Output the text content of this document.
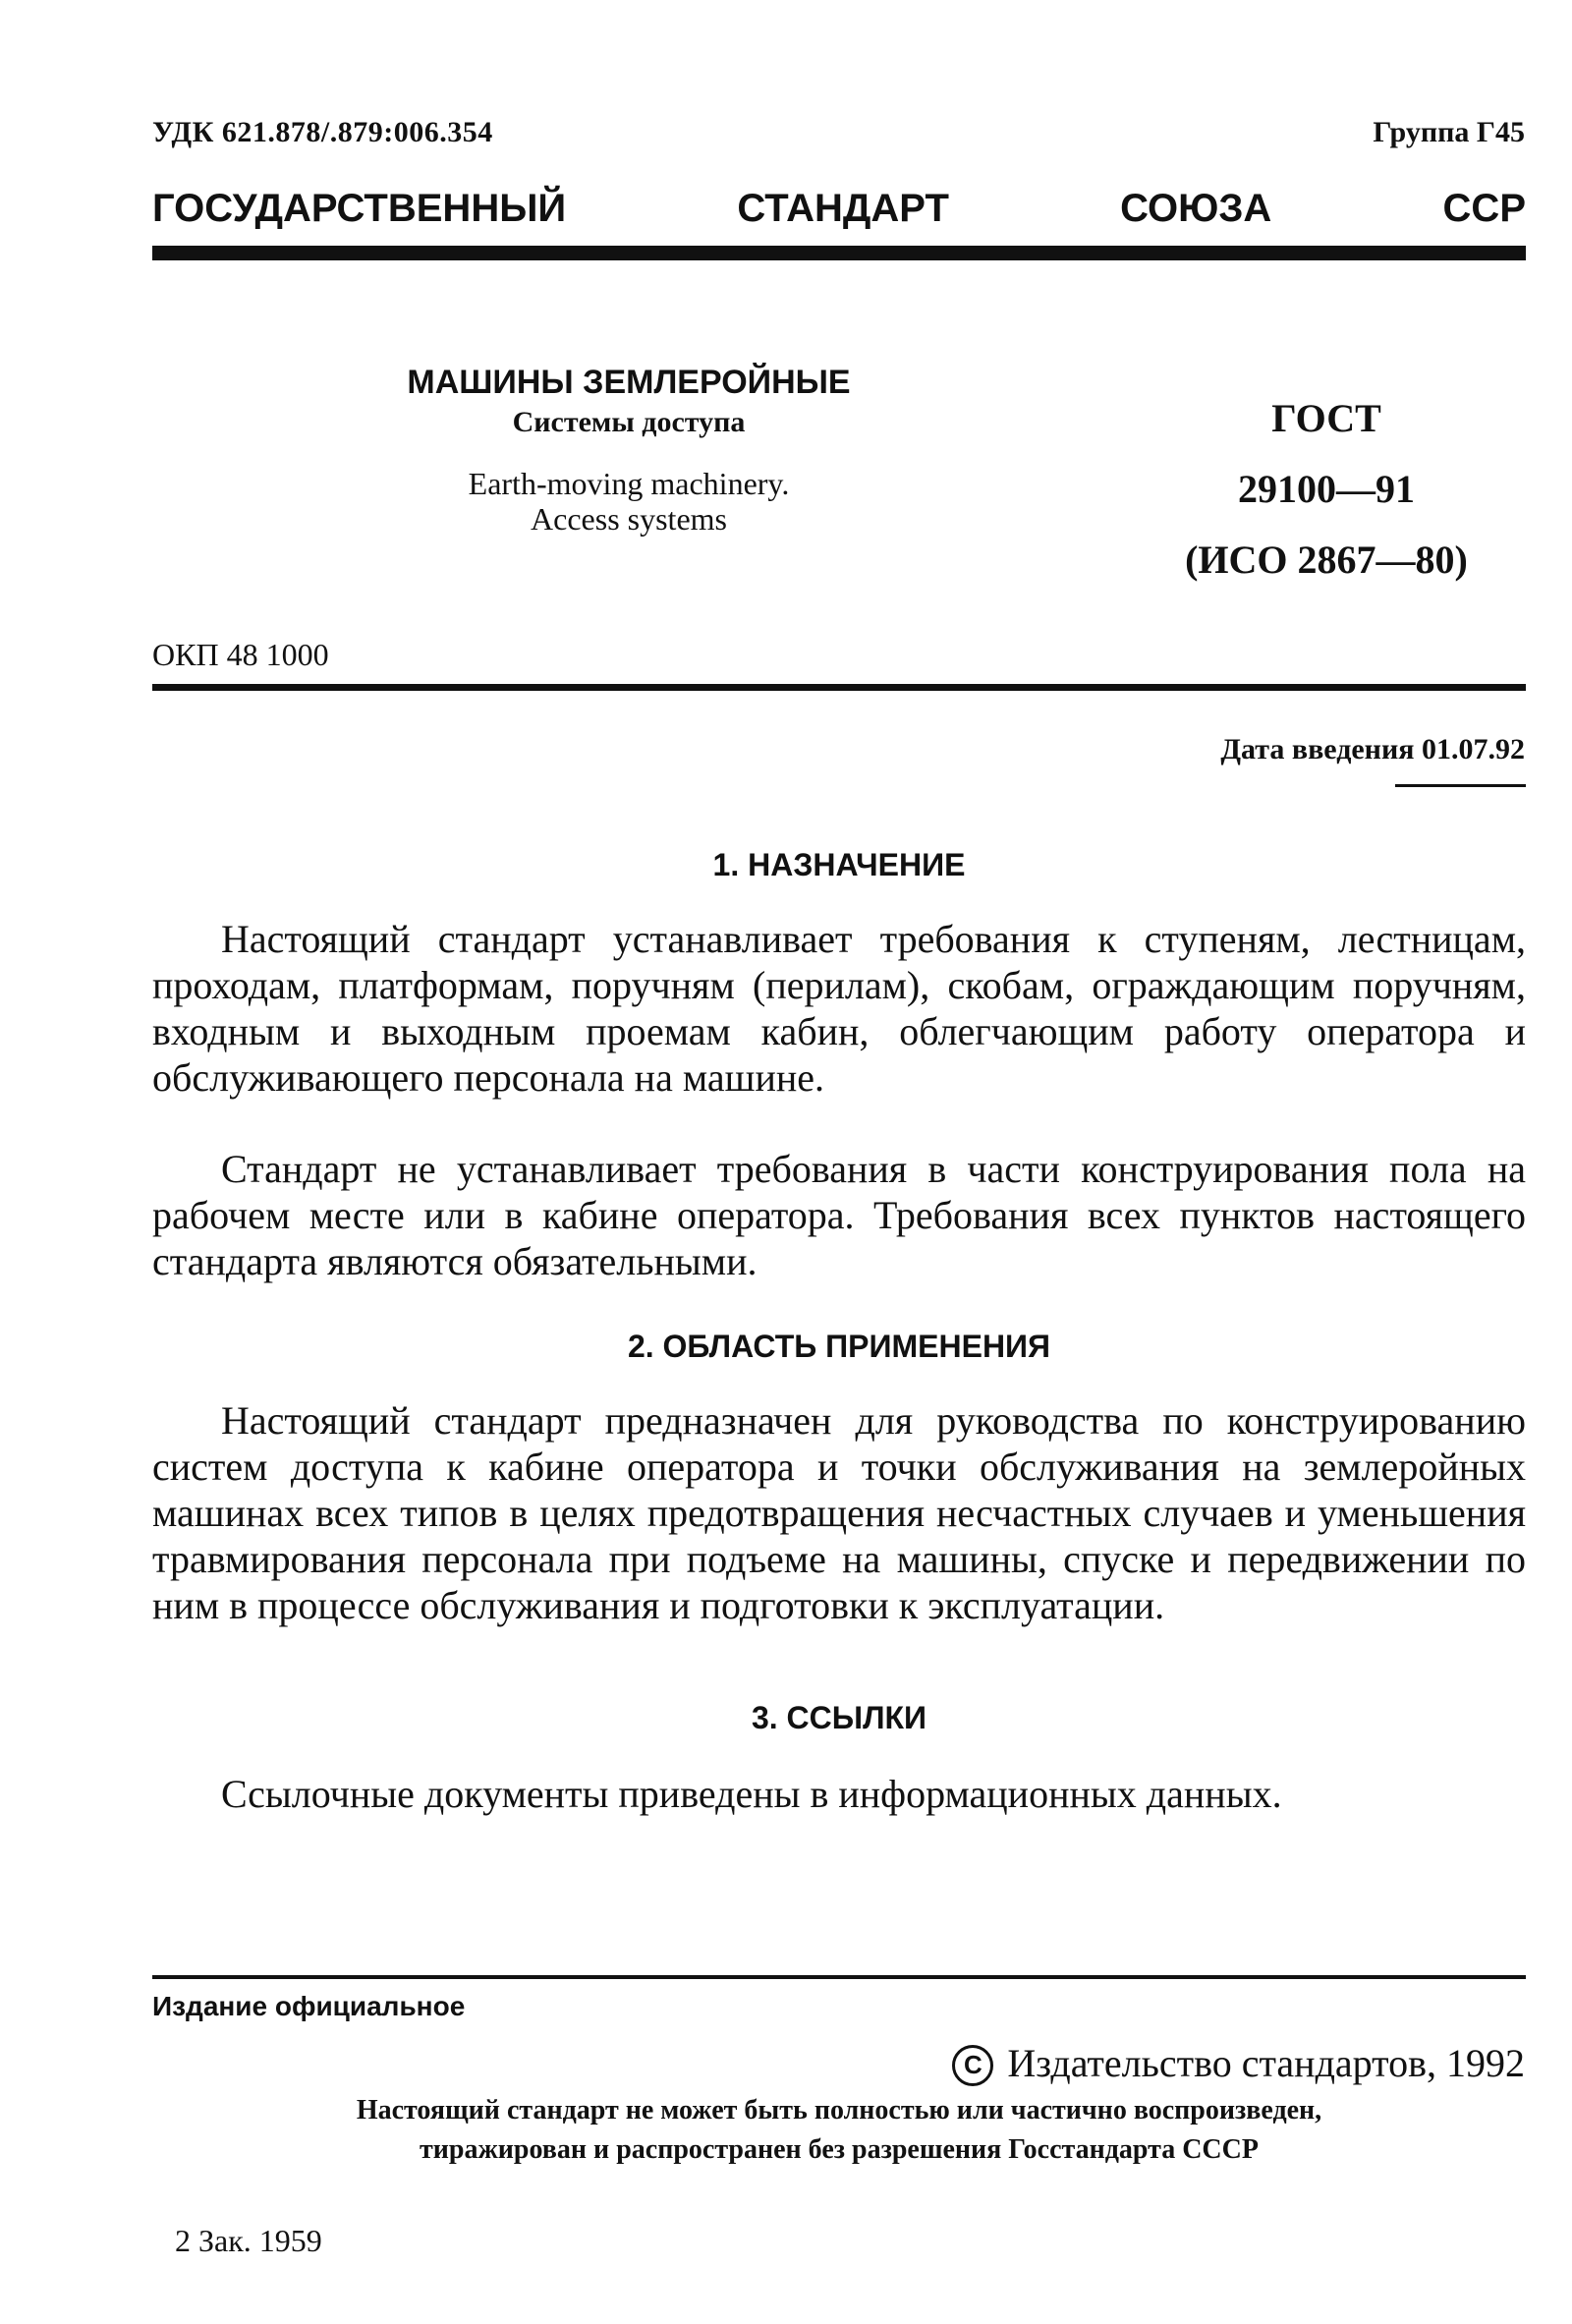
УДК 621.878/.879:006.354	Группа Г45
ГОСУДАРСТВЕННЫЙ СТАНДАРТ СОЮЗА ССР
МАШИНЫ ЗЕМЛЕРОЙНЫЕ
Системы доступа
Earth-moving machinery.
Access systems
ГОСТ
29100—91
(ИСО 2867—80)
ОКП 48 1000
Дата введения 01.07.92
1. НАЗНАЧЕНИЕ
Настоящий стандарт устанавливает требования к ступеням, лестницам, проходам, платформам, поручням (перилам), скобам, ограждающим поручням, входным и выходным проемам кабин, облегчающим работу оператора и обслуживающего персонала на машине.
Стандарт не устанавливает требования в части конструирования пола на рабочем месте или в кабине оператора. Требования всех пунктов настоящего стандарта являются обязательными.
2. ОБЛАСТЬ ПРИМЕНЕНИЯ
Настоящий стандарт предназначен для руководства по конструированию систем доступа к кабине оператора и точки обслуживания на землеройных машинах всех типов в целях предотвращения несчастных случаев и уменьшения травмирования персонала при подъеме на машины, спуске и передвижении по ним в процессе обслуживания и подготовки к эксплуатации.
3. ССЫЛКИ
Ссылочные документы приведены в информационных данных.
Издание официальное
C Издательство стандартов, 1992
Настоящий стандарт не может быть полностью или частично воспроизведен,
тиражирован и распространен без разрешения Госстандарта СССР
2 Зак. 1959
